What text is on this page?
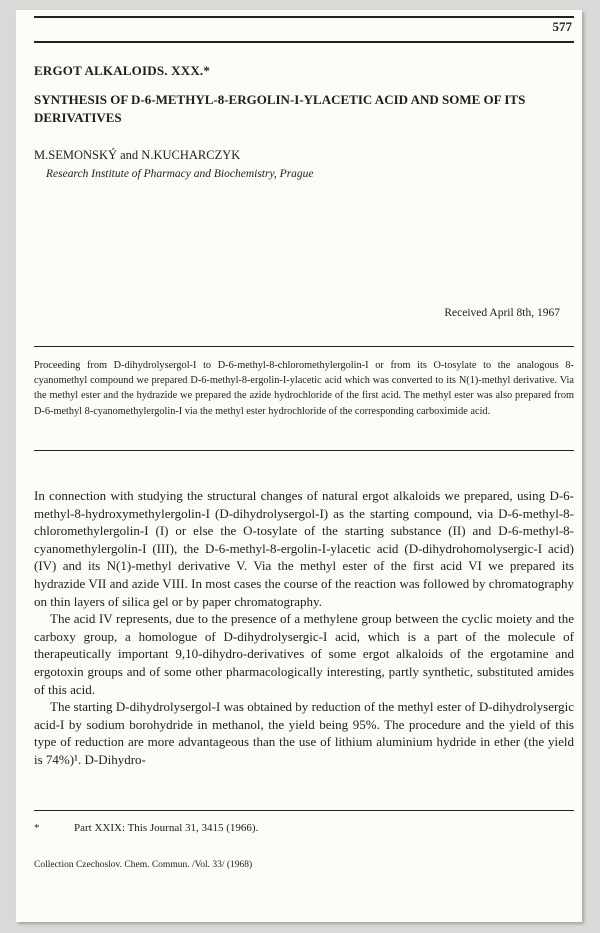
577
ERGOT ALKALOIDS. XXX.*
SYNTHESIS OF D-6-METHYL-8-ERGOLIN-I-YLACETIC ACID AND SOME OF ITS DERIVATIVES
M.SEMONSKÝ and N.KUCHARCZYK
Research Institute of Pharmacy and Biochemistry, Prague
Received April 8th, 1967
Proceeding from D-dihydrolysergol-I to D-6-methyl-8-chloromethylergolin-I or from its O-tosylate to the analogous 8-cyanomethyl compound we prepared D-6-methyl-8-ergolin-I-ylacetic acid which was converted to its N(1)-methyl derivative. Via the methyl ester and the hydrazide we prepared the azide hydrochloride of the first acid. The methyl ester was also prepared from D-6-methyl 8-cyanomethylergolin-I via the methyl ester hydrochloride of the corresponding carboximide acid.

In connection with studying the structural changes of natural ergot alkaloids we prepared, using D-6-methyl-8-hydroxymethylergolin-I (D-dihydrolysergol-I) as the starting compound, via D-6-methyl-8-chloromethylergolin-I (I) or else the O-tosylate of the starting substance (II) and D-6-methyl-8-cyanomethylergolin-I (III), the D-6-methyl-8-ergolin-I-ylacetic acid (D-dihydrohomolysergic-I acid) (IV) and its N(1)-methyl derivative V. Via the methyl ester of the first acid VI we prepared its hydrazide VII and azide VIII. In most cases the course of the reaction was followed by chromatography on thin layers of silica gel or by paper chromatography.

The acid IV represents, due to the presence of a methylene group between the cyclic moiety and the carboxy group, a homologue of D-dihydrolysergic-I acid, which is a part of the molecule of therapeutically important 9,10-dihydro-derivatives of some ergot alkaloids of the ergotamine and ergotoxin groups and of some other pharmacologically interesting, partly synthetic, substituted amides of this acid.

The starting D-dihydrolysergol-I was obtained by reduction of the methyl ester of D-dihydrolysergic acid-I by sodium borohydride in methanol, the yield being 95%. The procedure and the yield of this type of reduction are more advantageous than the use of lithium aluminium hydride in ether (the yield is 74%)¹. D-Dihydro-

*	Part XXIX: This Journal 31, 3415 (1966).
Collection Czechoslov. Chem. Commun. /Vol. 33/ (1968)
